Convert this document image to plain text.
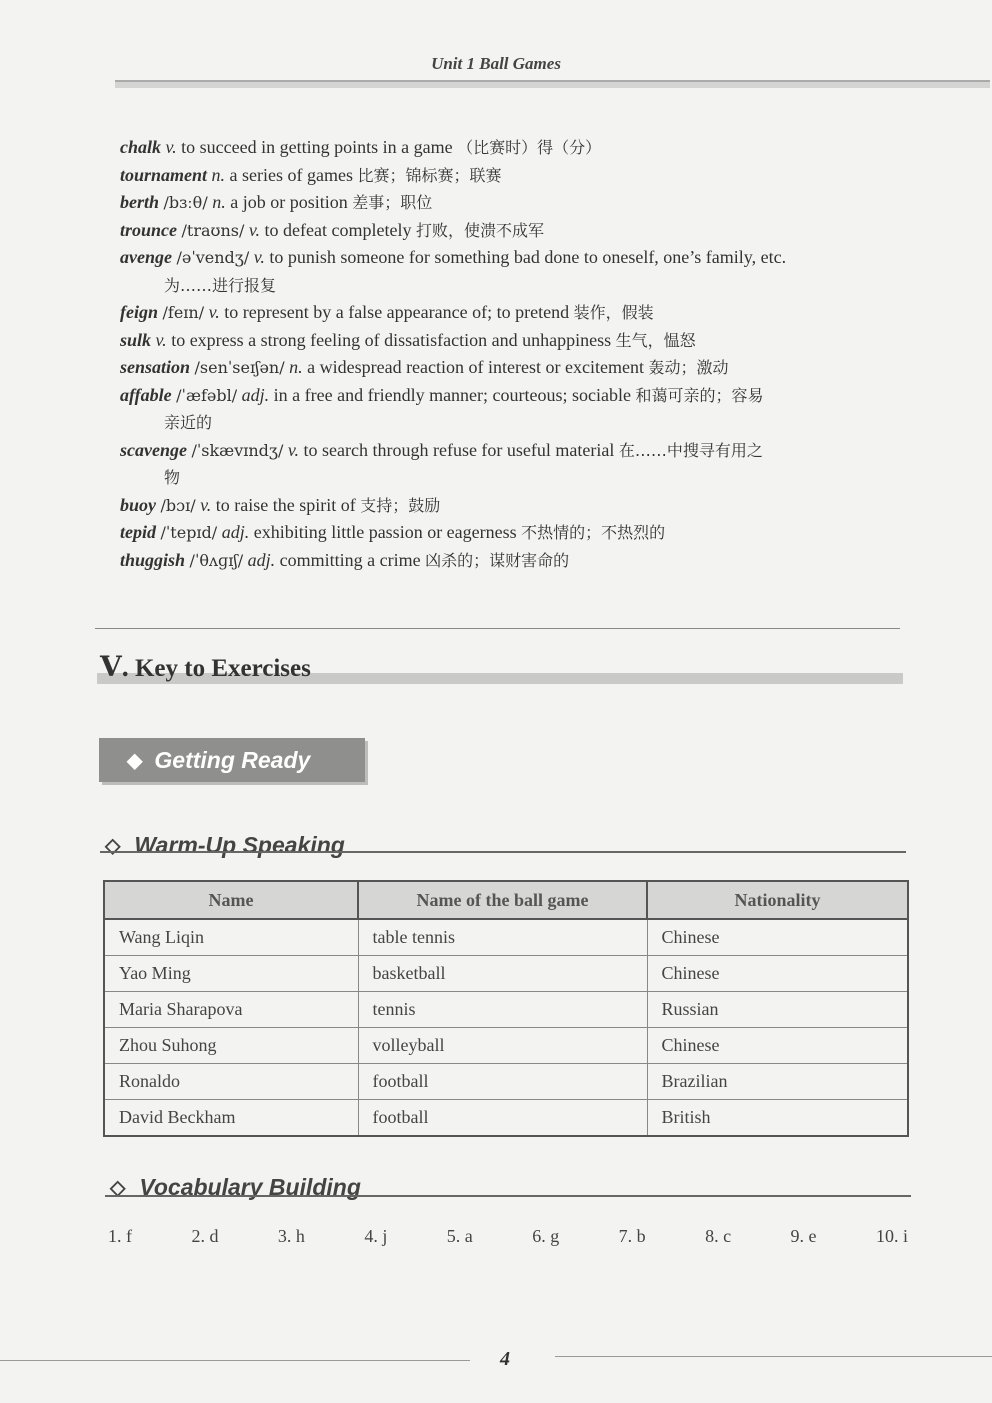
Unit 1 Ball Games
chalk v. to succeed in getting points in a game （比赛时）得（分）
tournament n. a series of games 比赛；锦标赛；联赛
berth /bɜːθ/ n. a job or position 差事；职位
trounce /traʊns/ v. to defeat completely 打败，使溃不成军
avenge /əˈvendʒ/ v. to punish someone for something bad done to oneself, one’s family, etc.
为……进行报复
feign /feɪn/ v. to represent by a false appearance of; to pretend 装作，假装
sulk v. to express a strong feeling of dissatisfaction and unhappiness 生气，愠怒
sensation /senˈseɪʃən/ n. a widespread reaction of interest or excitement 轰动；激动
affable /ˈæfəbl/ adj. in a free and friendly manner; courteous; sociable 和蔼可亲的；容易
亲近的
scavenge /ˈskævɪndʒ/ v. to search through refuse for useful material 在……中搜寻有用之
物
buoy /bɔɪ/ v. to raise the spirit of 支持；鼓励
tepid /ˈtepɪd/ adj. exhibiting little passion or eagerness 不热情的；不热烈的
thuggish /ˈθʌɡɪʃ/ adj. committing a crime 凶杀的；谋财害命的
Ⅴ. Key to Exercises
◆ Getting Ready
◇ Warm-Up Speaking
Name	Name of the ball game	Nationality
Wang Liqin	table tennis	Chinese
Yao Ming	basketball	Chinese
Maria Sharapova	tennis	Russian
Zhou Suhong	volleyball	Chinese
Ronaldo	football	Brazilian
David Beckham	football	British
◇ Vocabulary Building
1. f	2. d	3. h	4. j	5. a	6. g	7. b	8. c	9. e	10. i
4
